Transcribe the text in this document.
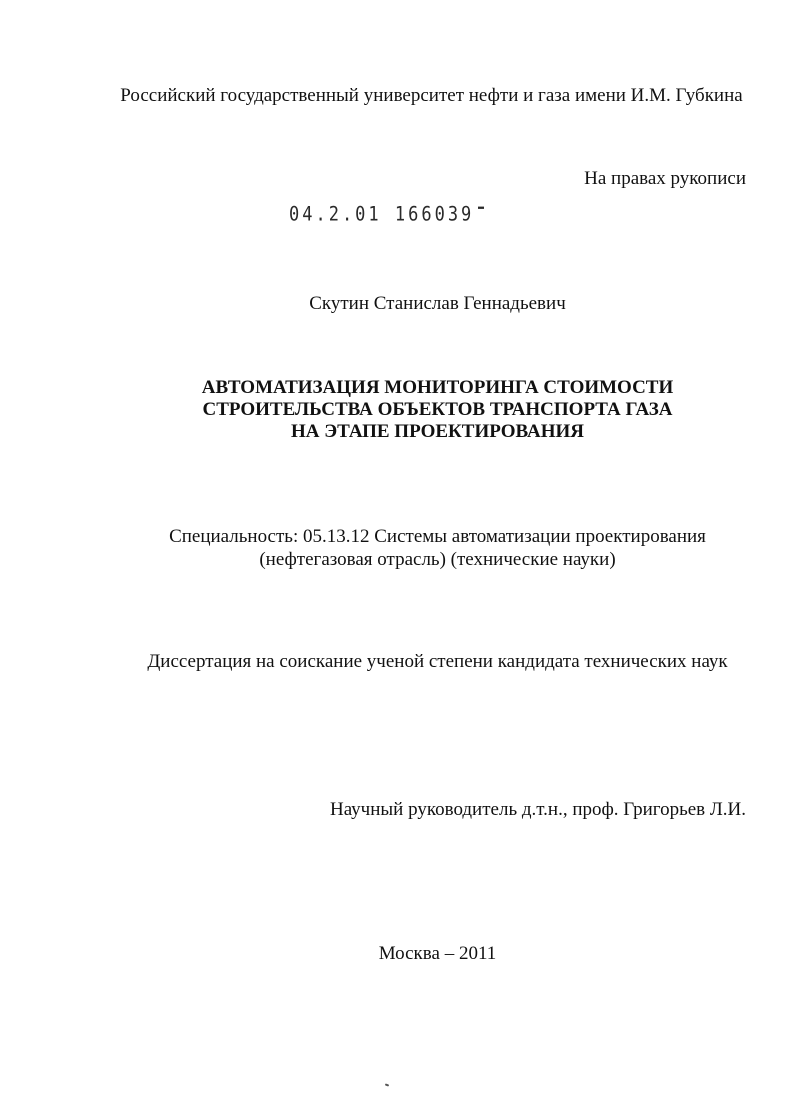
Российский государственный университет нефти и газа имени И.М. Губкина
На правах рукописи
04.2.01 166039
Скутин Станислав Геннадьевич
АВТОМАТИЗАЦИЯ МОНИТОРИНГА СТОИМОСТИ
СТРОИТЕЛЬСТВА ОБЪЕКТОВ ТРАНСПОРТА ГАЗА
НА ЭТАПЕ ПРОЕКТИРОВАНИЯ
Специальность: 05.13.12 Системы автоматизации проектирования
(нефтегазовая отрасль) (технические науки)
Диссертация на соискание ученой степени кандидата технических наук
Научный руководитель д.т.н., проф. Григорьев Л.И.
Москва – 2011
